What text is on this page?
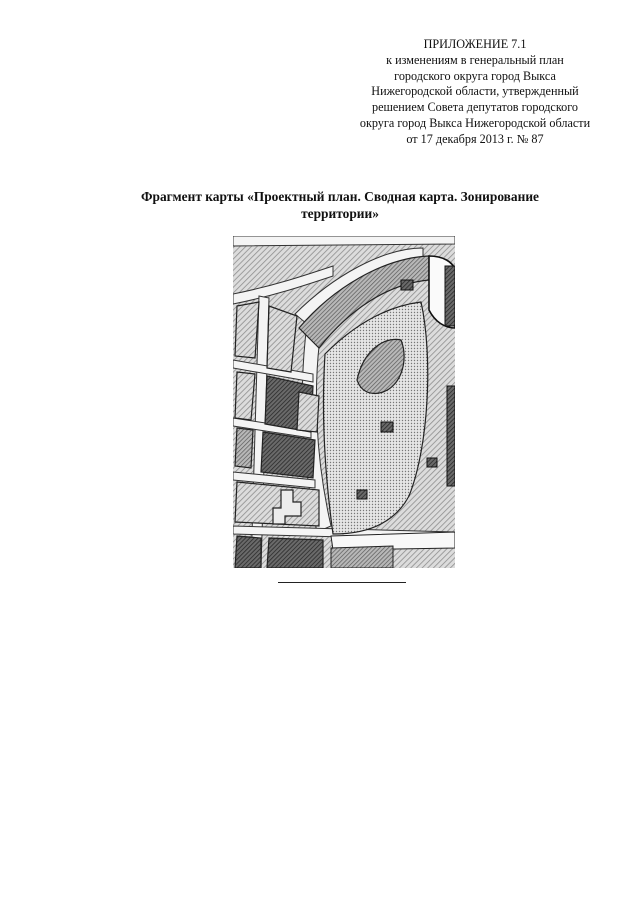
ПРИЛОЖЕНИЕ 7.1
к изменениям в генеральный план
городского округа город Выкса
Нижегородской области, утвержденный
решением Совета депутатов городского
округа город Выкса Нижегородской области
от 17 декабря 2013 г. № 87
Фрагмент карты «Проектный план. Сводная карта. Зонирование
территории»
